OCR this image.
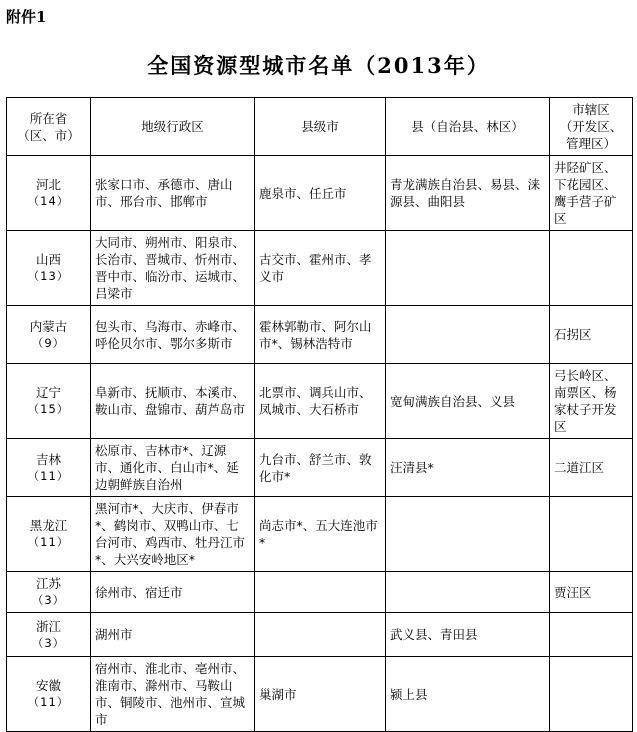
附件1
全国资源型城市名单（2013年）
所在省
（区、市）	地级行政区	县级市	县（自治县、林区）	市辖区
（开发区、
管理区）

河北
（14）	张家口市、承德市、唐山市、邢台市、邯郸市	鹿泉市、任丘市	青龙满族自治县、易县、涞源县、曲阳县	井陉矿区、下花园区、鹰手营子矿区

山西
（13）	大同市、朔州市、阳泉市、长治市、晋城市、忻州市、晋中市、临汾市、运城市、吕梁市	古交市、霍州市、孝义市		

内蒙古
（9）	包头市、乌海市、赤峰市、呼伦贝尔市、鄂尔多斯市	霍林郭勒市、阿尔山市*、锡林浩特市		石拐区

辽宁
（15）	阜新市、抚顺市、本溪市、鞍山市、盘锦市、葫芦岛市	北票市、调兵山市、凤城市、大石桥市	宽甸满族自治县、义县	弓长岭区、南票区、杨家杖子开发区

吉林
（11）	松原市、吉林市*、辽源市、通化市、白山市*、延边朝鲜族自治州	九台市、舒兰市、敦化市*	汪清县*	二道江区

黑龙江
（11）	黑河市*、大庆市、伊春市*、鹤岗市、双鸭山市、七台河市、鸡西市、牡丹江市*、大兴安岭地区*	尚志市*、五大连池市*		

江苏
（3）	徐州市、宿迁市			贾汪区

浙江
（3）	湖州市		武义县、青田县	

安徽
（11）	宿州市、淮北市、亳州市、淮南市、滁州市、马鞍山市、铜陵市、池州市、宣城市	巢湖市	颍上县	
